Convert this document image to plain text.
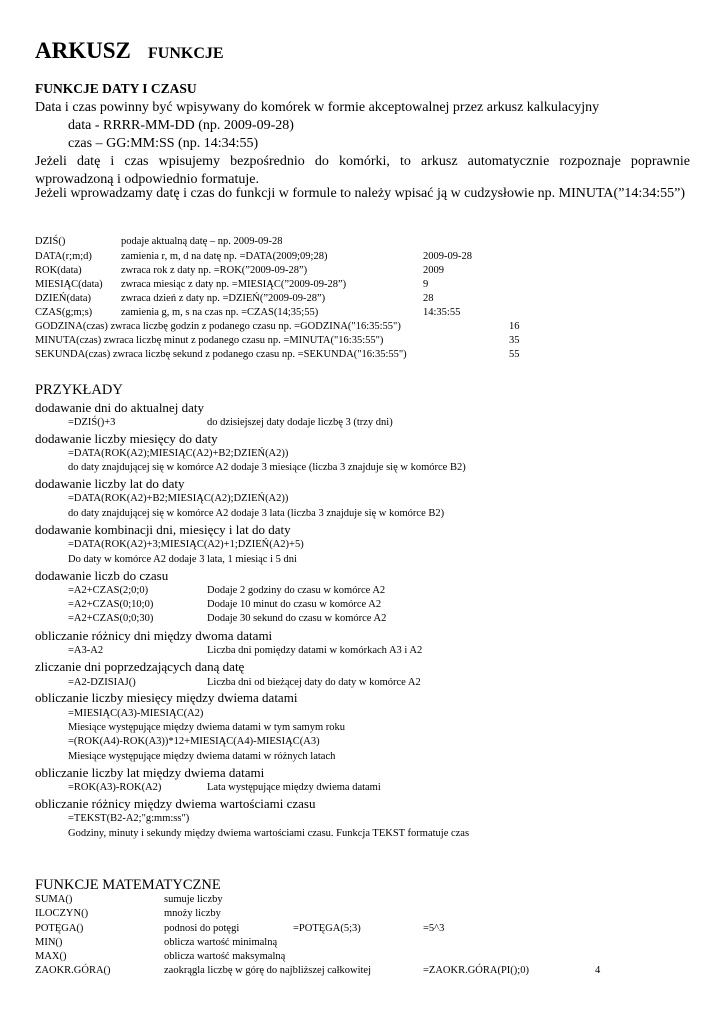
ARKUSZ FUNKCJE
FUNKCJE DATY I CZASU
Data i czas powinny być wpisywany do komórek w formie akceptowalnej przez arkusz kalkulacyjny
data - RRRR-MM-DD (np. 2009-09-28)
czas – GG:MM:SS (np. 14:34:55)
Jeżeli datę i czas wpisujemy bezpośrednio do komórki, to arkusz automatycznie rozpoznaje poprawnie wprowadzoną i odpowiednio formatuje.
Jeżeli wprowadzamy datę i czas do funkcji w formule to należy wpisać ją w cudzysłowie np. MINUTA(”14:34:55”)
DZIŚ()	podaje aktualną datę – np. 2009-09-28
DATA(r;m;d)	zamienia r, m, d na datę np. =DATA(2009;09;28)	2009-09-28
ROK(data)	zwraca rok z daty np. =ROK(”2009-09-28”)	2009
MIESIĄC(data) zwraca miesiąc z daty np. =MIESIĄC(”2009-09-28”)	9
DZIEŃ(data)	zwraca dzień z daty np. =DZIEŃ(”2009-09-28”)	28
CZAS(g;m;s)	zamienia g, m, s na czas np. =CZAS(14;35;55)	14:35:55
GODZINA(czas) zwraca liczbę godzin z podanego czasu np. =GODZINA("16:35:55")	16
MINUTA(czas) zwraca liczbę minut z podanego czasu np. =MINUTA("16:35:55")	35
SEKUNDA(czas) zwraca liczbę sekund z podanego czasu np. =SEKUNDA("16:35:55")	55
PRZYKŁADY
dodawanie dni do aktualnej daty
=DZIŚ()+3	do dzisiejszej daty dodaje liczbę 3 (trzy dni)
dodawanie liczby miesięcy do daty
=DATA(ROK(A2);MIESIĄC(A2)+B2;DZIEŃ(A2))
do daty znajdującej się w komórce A2 dodaje 3 miesiące (liczba 3 znajduje się w komórce B2)
dodawanie liczby lat do daty
=DATA(ROK(A2)+B2;MIESIĄC(A2);DZIEŃ(A2))
do daty znajdującej się w komórce A2 dodaje 3 lata (liczba 3 znajduje się w komórce B2)
dodawanie kombinacji dni, miesięcy i lat do daty
=DATA(ROK(A2)+3;MIESIĄC(A2)+1;DZIEŃ(A2)+5)
Do daty w komórce A2 dodaje 3 lata, 1 miesiąc i 5 dni
dodawanie liczb do czasu
=A2+CZAS(2;0;0)	Dodaje 2 godziny do czasu w komórce A2
=A2+CZAS(0;10;0)	Dodaje 10 minut do czasu w komórce A2
=A2+CZAS(0;0;30)	Dodaje 30 sekund do czasu w komórce A2
obliczanie różnicy dni między dwoma datami
=A3-A2	Liczba dni pomiędzy datami w komórkach A3 i A2
zliczanie dni poprzedzających daną datę
=A2-DZISIAJ()	Liczba dni od bieżącej daty do daty w komórce A2
obliczanie liczby miesięcy między dwiema datami
=MIESIĄC(A3)-MIESIĄC(A2)
Miesiące występujące między dwiema datami w tym samym roku
=(ROK(A4)-ROK(A3))*12+MIESIĄC(A4)-MIESIĄC(A3)
Miesiące występujące między dwiema datami w różnych latach
obliczanie liczby lat między dwiema datami
=ROK(A3)-ROK(A2)	Lata występujące między dwiema datami
obliczanie różnicy między dwiema wartościami czasu
=TEKST(B2-A2;"g:mm:ss")
Godziny, minuty i sekundy między dwiema wartościami czasu. Funkcja TEKST formatuje czas
FUNKCJE MATEMATYCZNE
SUMA()	sumuje liczby
ILOCZYN()	mnoży liczby
POTĘGA()	podnosi do potęgi	=POTĘGA(5;3)	=5^3
MIN()	oblicza wartość minimalną
MAX()	oblicza wartość maksymalną
ZAOKR.GÓRA()	zaokrągla liczbę w górę do najbliższej całkowitej	=ZAOKR.GÓRA(PI();0)	4
